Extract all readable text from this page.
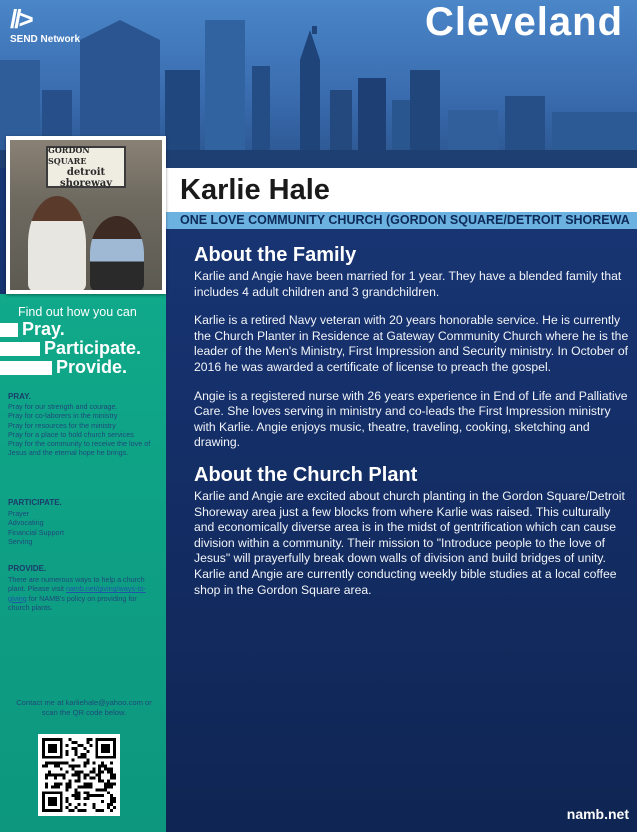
//>
SEND Network	Cleveland
GORDON SQUARE
detroit
shoreway Karlie Hale
ONE LOVE COMMUNITY CHURCH (GORDON SQUARE/DETROIT SHOREWA
Find out how you can
Pray.
Participate.
Provide.
PRAY.
Pray for our strength and courage.
Pray for co-laborers in the ministry
Pray for resources for the ministry
Pray for a place to hold church services
Pray for the community to receive the love of Jesus and the eternal hope he brings.
PARTICIPATE.
Prayer
Advocating
Financial Support
Serving
PROVIDE.
There are numerous ways to help a church plant. Please visit namb.net/giving/ways-to-giving for NAMB's policy on providing for church plants.
Contact me at karliehale@yahoo.com or scan the QR code below.
About the Family

Karlie and Angie have been married for 1 year. They have a blended family that includes 4 adult children and 3 grandchildren.

Karlie is a retired Navy veteran with 20 years honorable service. He is currently the Church Planter in Residence at Gateway Community Church where he is the leader of the Men's Ministry, First Impression and Security ministry. In October of 2016 he was awarded a certificate of license to preach the gospel.

Angie is a registered nurse with 26 years experience in End of Life and Palliative Care. She loves serving in ministry and co-leads the First Impression ministry with Karlie. Angie enjoys music, theatre, traveling, cooking, sketching and drawing.

About the Church Plant

Karlie and Angie are excited about church planting in the Gordon Square/Detroit Shoreway area just a few blocks from where Karlie was raised. This culturally and economically diverse area is in the midst of gentrification which can cause division within a community. Their mission to "Introduce people to the love of Jesus" will prayerfully break down walls of division and build bridges of unity.

Karlie and Angie are currently conducting weekly bible studies at a local coffee shop in the Gordon Square area.

namb.net
